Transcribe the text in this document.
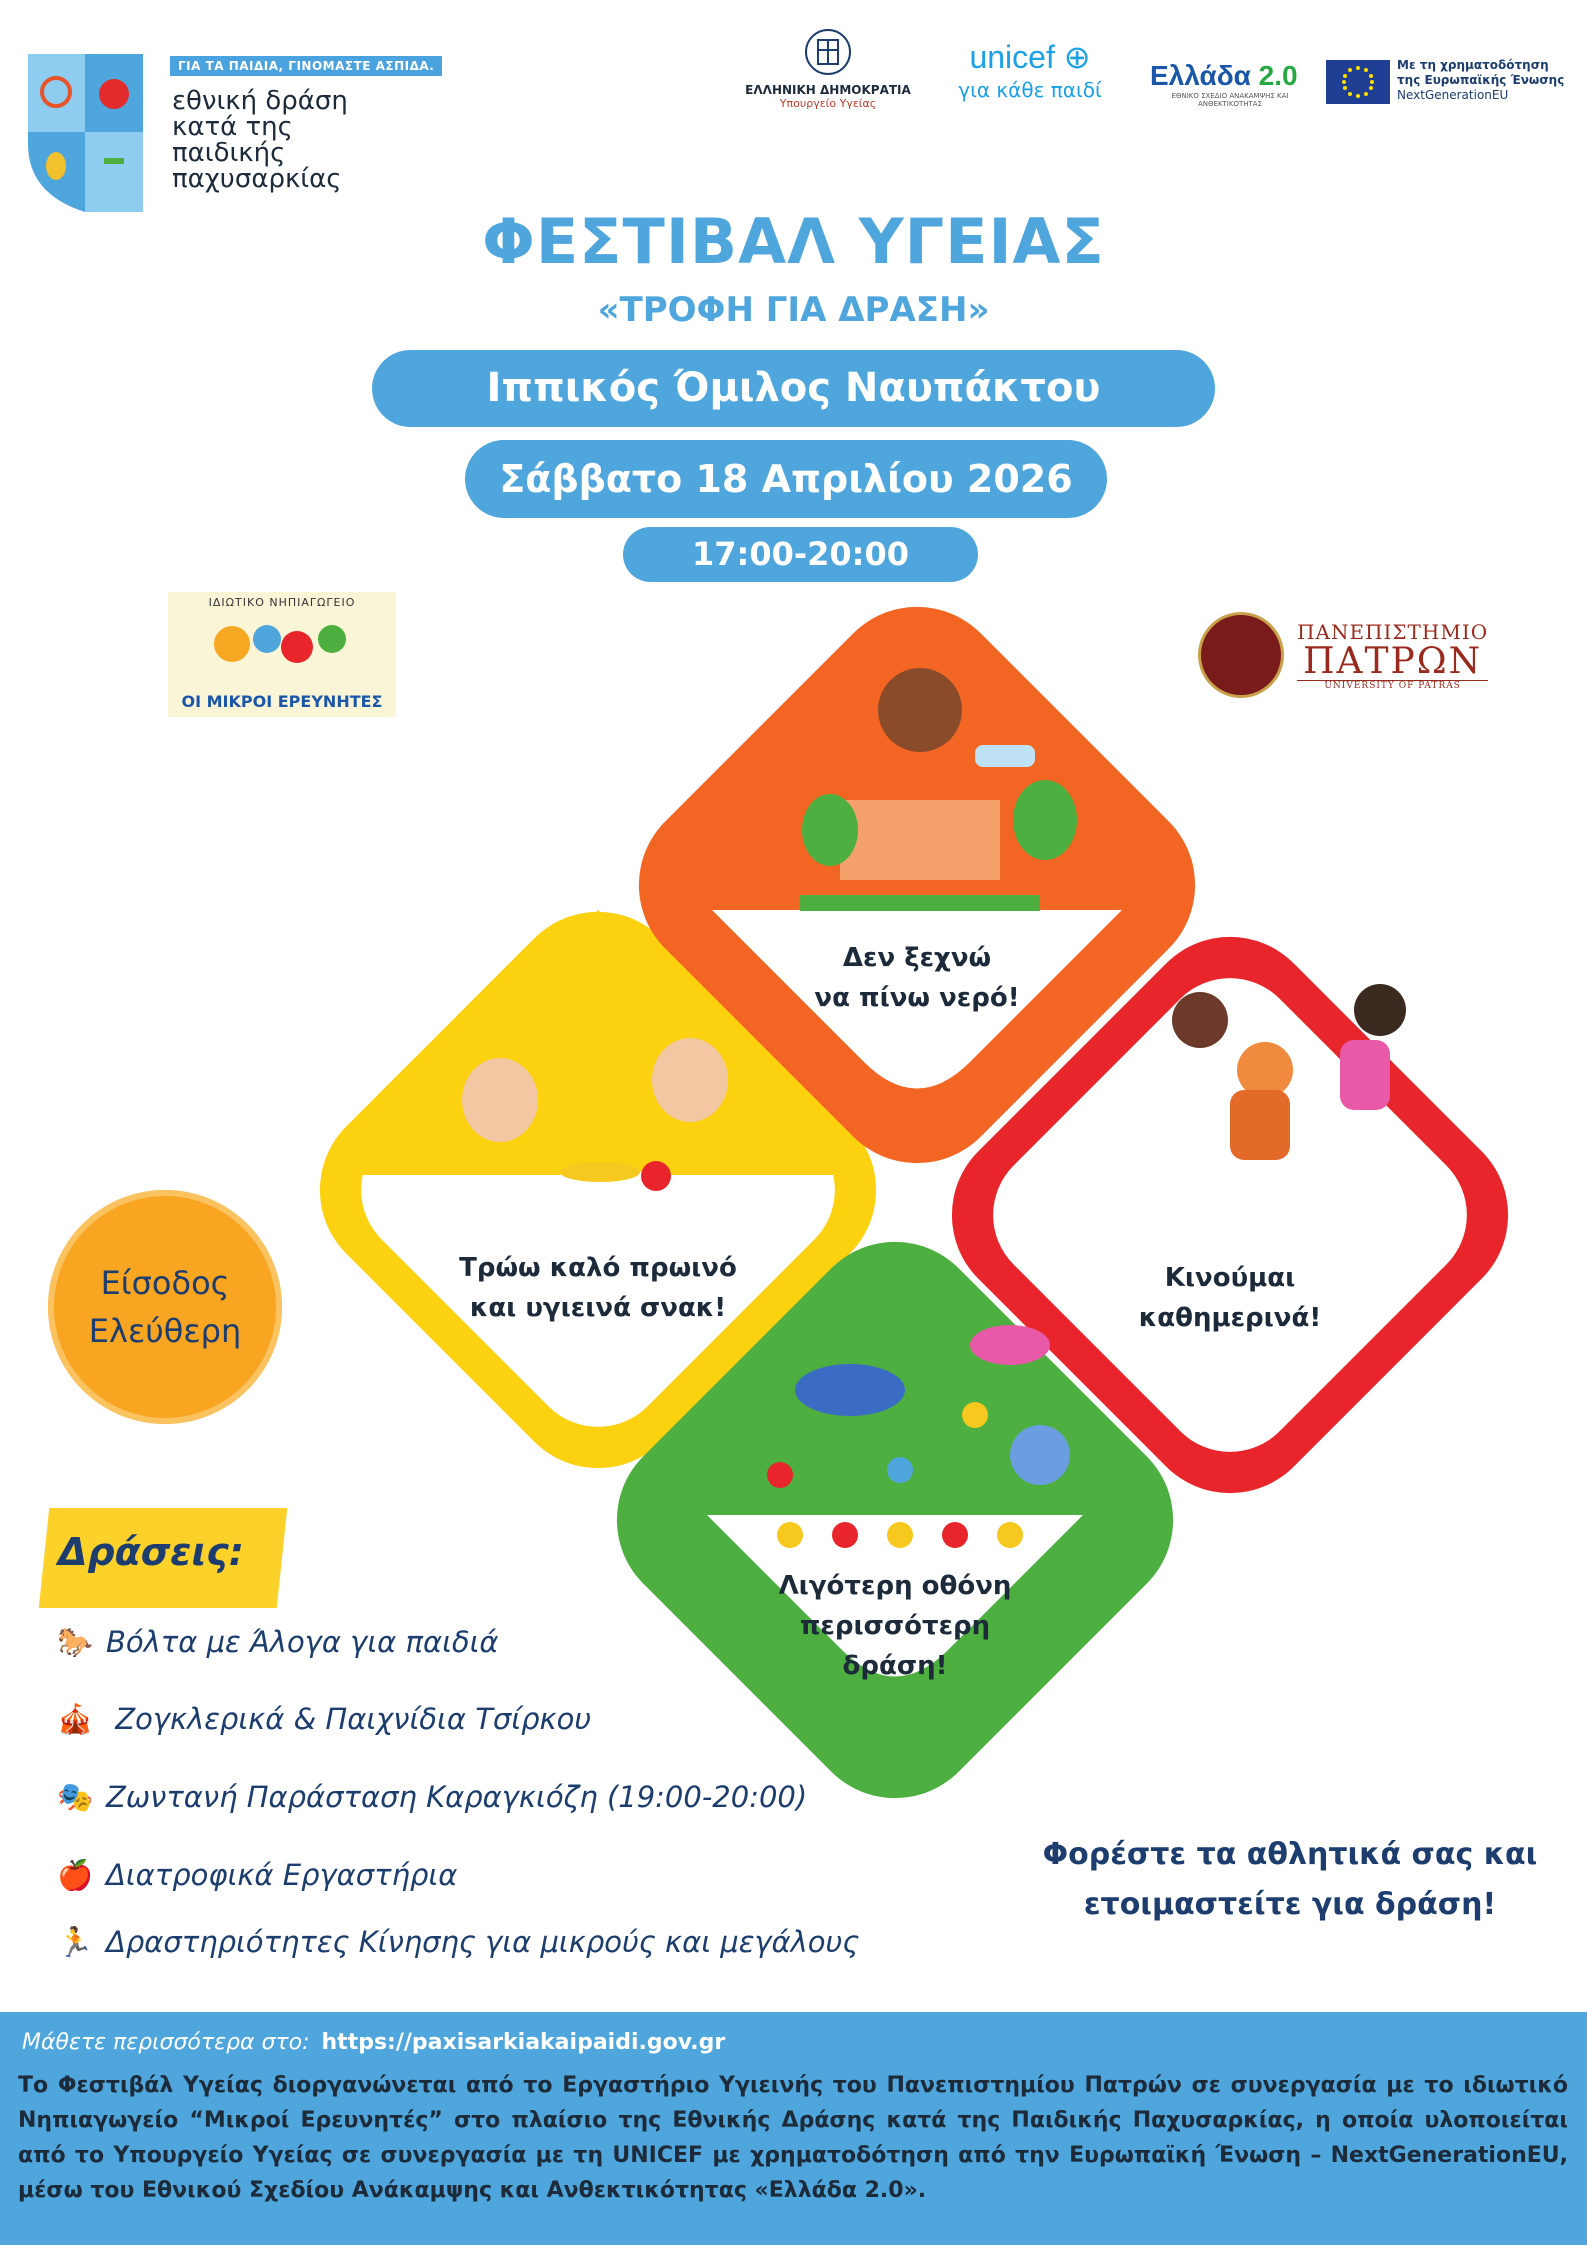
ΓΙΑ ΤΑ ΠΑΙΔΙΑ, ΓΙΝΟΜΑΣΤΕ ΑΣΠΙΔΑ.
εθνική δράση
κατά της
παιδικής
παχυσαρκίας
ΕΛΛΗΝΙΚΗ ΔΗΜΟΚΡΑΤΙΑ
Υπουργείο Υγείας
unicef ⊕
για κάθε παιδί Ελλάδα 2.0
ΕΘΝΙΚΟ ΣΧΕΔΙΟ ΑΝΑΚΑΜΨΗΣ ΚΑΙ ΑΝΘΕΚΤΙΚΟΤΗΤΑΣ
Με τη χρηματοδότηση
της Ευρωπαϊκής Ένωσης
NextGenerationEU
ΦΕΣΤΙΒΑΛ ΥΓΕΙΑΣ
«ΤΡΟΦΗ ΓΙΑ ΔΡΑΣΗ»
Ιππικός Όμιλος Ναυπάκτου
Σάββατο 18 Απριλίου 2026
17:00-20:00
ΙΔΙΩΤΙΚΟ ΝΗΠΙΑΓΩΓΕΙΟ
ΟΙ ΜΙΚΡΟΙ ΕΡΕΥΝΗΤΕΣ

ΠΑΝΕΠΙΣΤΗΜΙΟ
ΠΑΤΡΩΝ
UNIVERSITY OF PATRAS
Δεν ξεχνώ
να πίνω νερό!
Τρώω καλό πρωινό
και υγιεινά σνακ!
Κινούμαι καθημερινά!
Λιγότερη οθόνη
περισσότερη δράση!
Είσοδος
Ελεύθερη
Δράσεις:
🐎 Βόλτα με Άλογα για παιδιά
🎪 Ζογκλερικά & Παιχνίδια Τσίρκου
🎭 Ζωντανή Παράσταση Καραγκιόζη (19:00-20:00)
🍎 Διατροφικά Εργαστήρια
🏃 Δραστηριότητες Κίνησης για μικρούς και μεγάλους
Φορέστε τα αθλητικά σας και
ετοιμαστείτε για δράση!
Μάθετε περισσότερα στο: https://paxisarkiakaipaidi.gov.gr
Το Φεστιβάλ Υγείας διοργανώνεται από το Εργαστήριο Υγιεινής του Πανεπιστημίου Πατρών σε συνεργασία με το ιδιωτικό Νηπιαγωγείο “Μικροί Ερευνητές” στο πλαίσιο της Εθνικής Δράσης κατά της Παιδικής Παχυσαρκίας, η οποία υλοποιείται από το Υπουργείο Υγείας σε συνεργασία με τη UNICEF με χρηματοδότηση από την Ευρωπαϊκή Ένωση – NextGenerationEU, μέσω του Εθνικού Σχεδίου Ανάκαμψης και Ανθεκτικότητας «Ελλάδα 2.0».
